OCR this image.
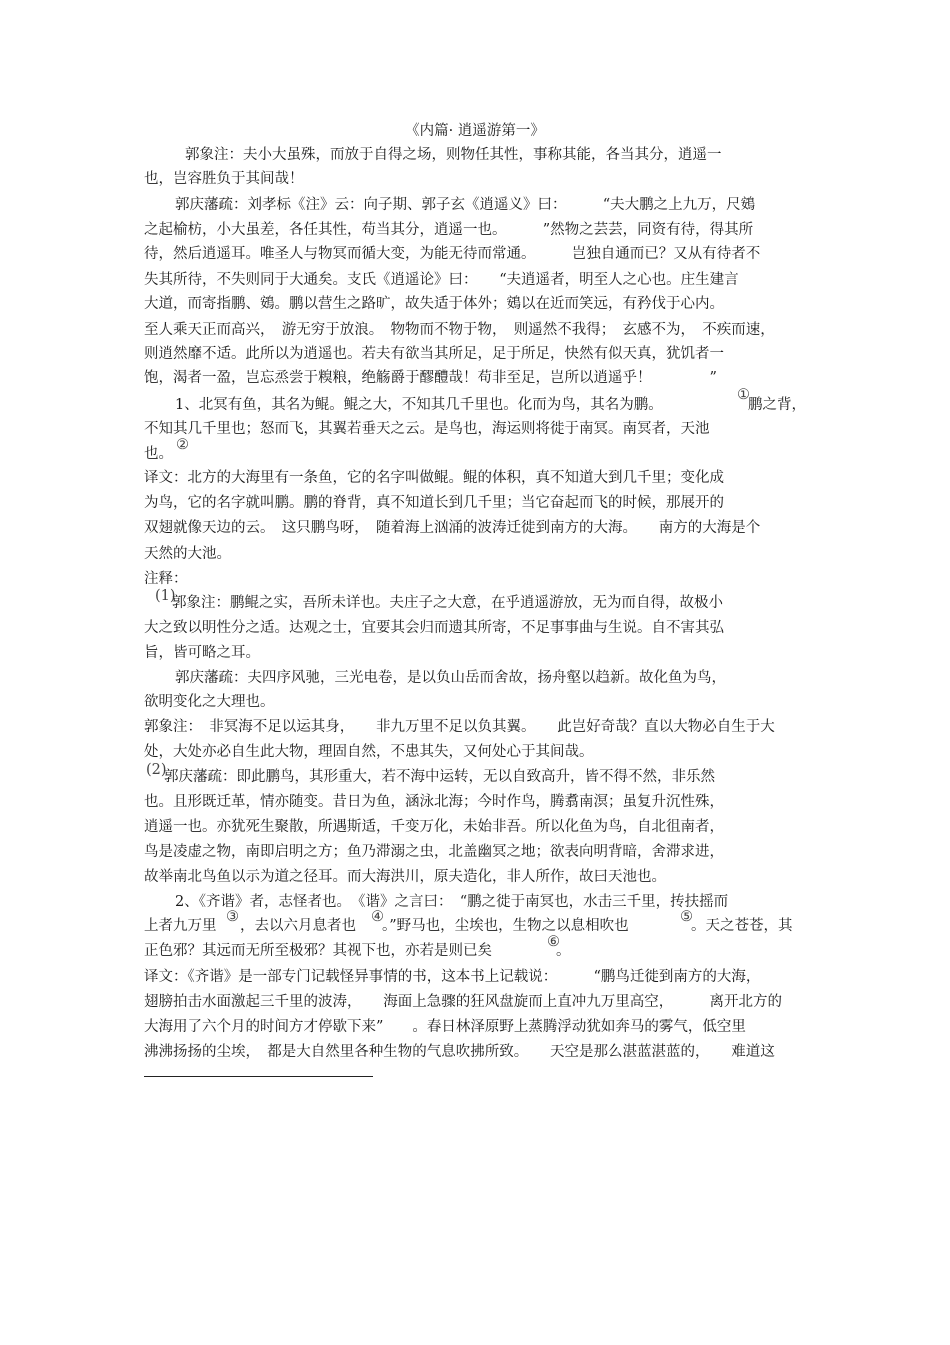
《内篇· 逍遥游第一》
郭象注：夫小大虽殊，而放于自得之场，则物任其性，事称其能，各当其分，逍遥一
也，岂容胜负于其间哉！
郭庆藩疏：刘孝标《注》云：向子期、郭子玄《逍遥义》曰：　　　“夫大鹏之上九万，尺鴳
之起榆枋，小大虽差，各任其性，苟当其分，逍遥一也。　　　”然物之芸芸，同资有待，得其所
待，然后逍遥耳。唯圣人与物冥而循大变，为能无待而常通。　　　岂独自通而已？又从有待者不
失其所待，不失则同于大通矣。支氏《逍遥论》曰：　　“夫逍遥者，明至人之心也。庄生建言
大道，而寄指鹏、鴳。鹏以营生之路旷，故失适于体外；鴳以在近而笑远，有矜伐于心内。
至人乘天正而高兴，　游无穷于放浪。　物物而不物于物，　则遥然不我得；　玄感不为，　不疾而速，
则逍然靡不适。此所以为逍遥也。若夫有欲当其所足，足于所足，快然有似天真，犹饥者一
饱，渴者一盈，岂忘烝尝于糗粮，绝觞爵于醪醴哉！苟非至足，岂所以逍遥乎！　　　　”
1、北冥有鱼，其名为鲲。鲲之大，不知其几千里也。化而为鸟，其名为鹏。
①
鹏之背，
不知其几千里也；怒而飞，其翼若垂天之云。是鸟也，海运则将徙于南冥。南冥者，天池
也。
②
译文：北方的大海里有一条鱼，它的名字叫做鲲。鲲的体积，真不知道大到几千里；变化成
为鸟，它的名字就叫鹏。鹏的脊背，真不知道长到几千里；当它奋起而飞的时候，那展开的
双翅就像天边的云。　这只鹏鸟呀，　随着海上汹涌的波涛迁徙到南方的大海。　　南方的大海是个
天然的大池。
注释：
(1)
郭象注：鹏鲲之实，吾所未详也。夫庄子之大意，在乎逍遥游放，无为而自得，故极小
大之致以明性分之适。达观之士，宜要其会归而遗其所寄，不足事事曲与生说。自不害其弘
旨，皆可略之耳。
郭庆藩疏：夫四序风驰，三光电卷，是以负山岳而舍故，扬舟壑以趋新。故化鱼为鸟，
欲明变化之大理也。
郭象注：　非冥海不足以运其身，　　非九万里不足以负其翼。　　此岂好奇哉？直以大物必自生于大
处，大处亦必自生此大物，理固自然，不患其失，又何处心于其间哉。
(2)
郭庆藩疏：即此鹏鸟，其形重大，若不海中运转，无以自致高升，皆不得不然，非乐然
也。且形既迁革，情亦随变。昔日为鱼，涵泳北海；今时作鸟，腾翥南溟；虽复升沉性殊，
逍遥一也。亦犹死生聚散，所遇斯适，千变万化，未始非吾。所以化鱼为鸟，自北徂南者，
鸟是凌虚之物，南即启明之方；鱼乃滞溺之虫，北盖幽冥之地；欲表向明背暗，舍滞求进，
故举南北鸟鱼以示为道之径耳。而大海洪川，原夫造化，非人所作，故曰天池也。
2、《齐谐》者，志怪者也。　《谐》之言曰：　“鹏之徙于南冥也，水击三千里，抟扶摇而
上者九万里
③
，去以六月息者也
④
。”野马也，尘埃也，生物之以息相吹也
⑤
。天之苍苍，其
正色邪？其远而无所至极邪？其视下也，亦若是则已矣
⑥
。
译文：《齐谐》是一部专门记载怪异事情的书，这本书上记载说：　　　“鹏鸟迁徙到南方的大海，
翅膀拍击水面激起三千里的波涛，　　海面上急骤的狂风盘旋而上直冲九万里高空，　　　离开北方的
大海用了六个月的时间方才停歇下来”　　。春日林泽原野上蒸腾浮动犹如奔马的雾气，低空里
沸沸扬扬的尘埃，　都是大自然里各种生物的气息吹拂所致。　　天空是那么湛蓝湛蓝的，　　难道这
